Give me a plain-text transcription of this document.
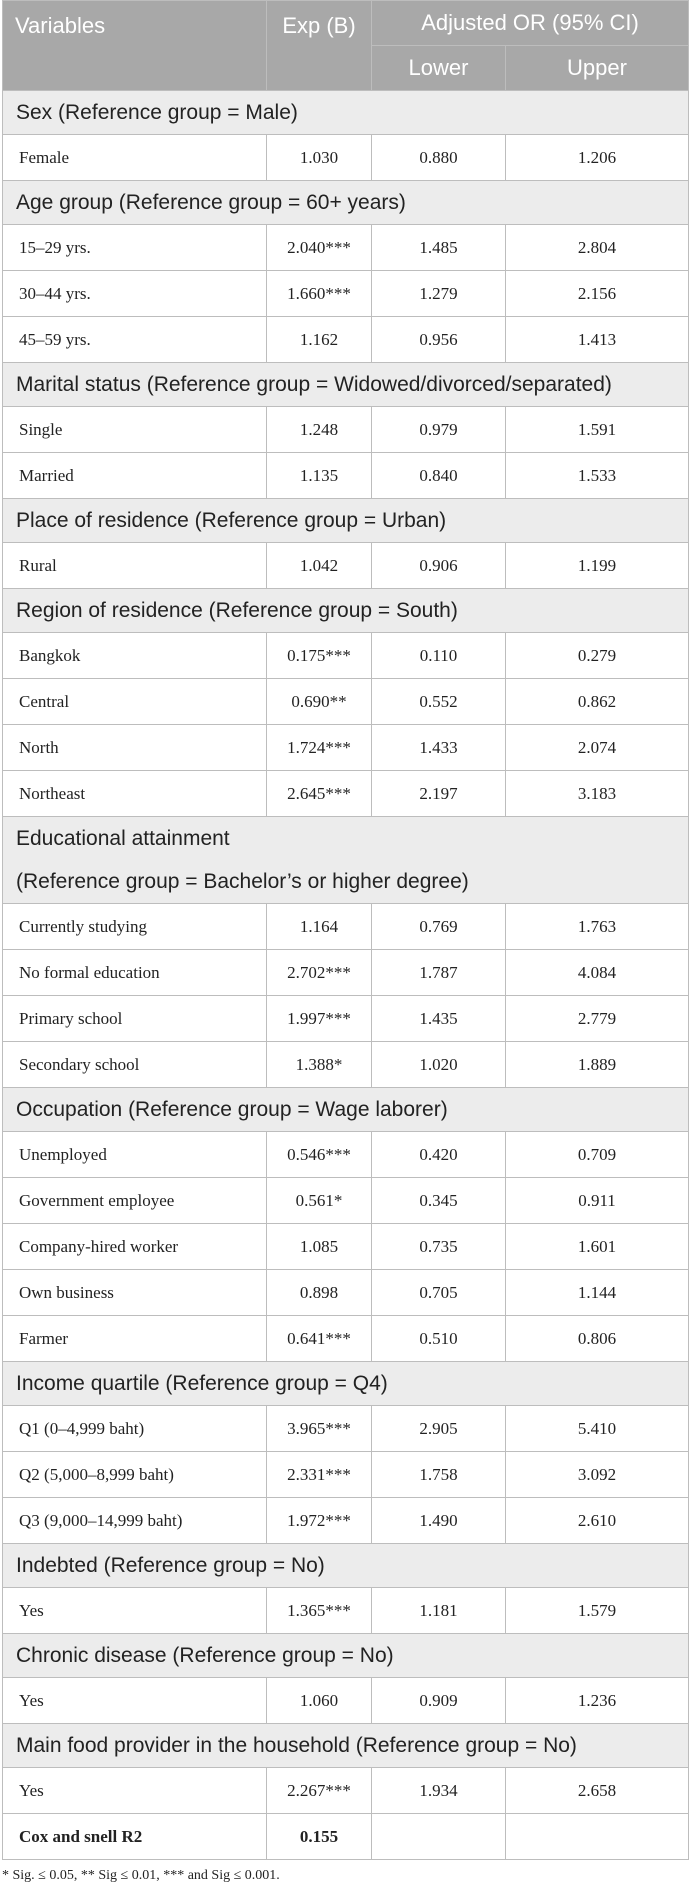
Variables	Exp (B)	Adjusted OR (95% CI)	
		Lower	Upper
Sex (Reference group = Male)			
Female	1.030	0.880	1.206
Age group (Reference group = 60+ years)			
15–29 yrs.	2.040***	1.485	2.804
30–44 yrs.	1.660***	1.279	2.156
45–59 yrs.	1.162	0.956	1.413
Marital status (Reference group = Widowed/divorced/separated)			
Single	1.248	0.979	1.591
Married	1.135	0.840	1.533
Place of residence (Reference group = Urban)			
Rural	1.042	0.906	1.199
Region of residence (Reference group = South)			
Bangkok	0.175***	0.110	0.279
Central	0.690**	0.552	0.862
North	1.724***	1.433	2.074
Northeast	2.645***	2.197	3.183
Educational attainment			
(Reference group = Bachelor’s or higher degree)			
Currently studying	1.164	0.769	1.763
No formal education	2.702***	1.787	4.084
Primary school	1.997***	1.435	2.779
Secondary school	1.388*	1.020	1.889
Occupation (Reference group = Wage laborer)			
Unemployed	0.546***	0.420	0.709
Government employee	0.561*	0.345	0.911
Company-hired worker	1.085	0.735	1.601
Own business	0.898	0.705	1.144
Farmer	0.641***	0.510	0.806
Income quartile (Reference group = Q4)			
Q1 (0–4,999 baht)	3.965***	2.905	5.410
Q2 (5,000–8,999 baht)	2.331***	1.758	3.092
Q3 (9,000–14,999 baht)	1.972***	1.490	2.610
Indebted (Reference group = No)			
Yes	1.365***	1.181	1.579
Chronic disease (Reference group = No)			
Yes	1.060	0.909	1.236
Main food provider in the household (Reference group = No)			
Yes	2.267***	1.934	2.658
Cox and snell R2	0.155		
* Sig. ≤ 0.05, ** Sig ≤ 0.01, *** and Sig ≤ 0.001.
